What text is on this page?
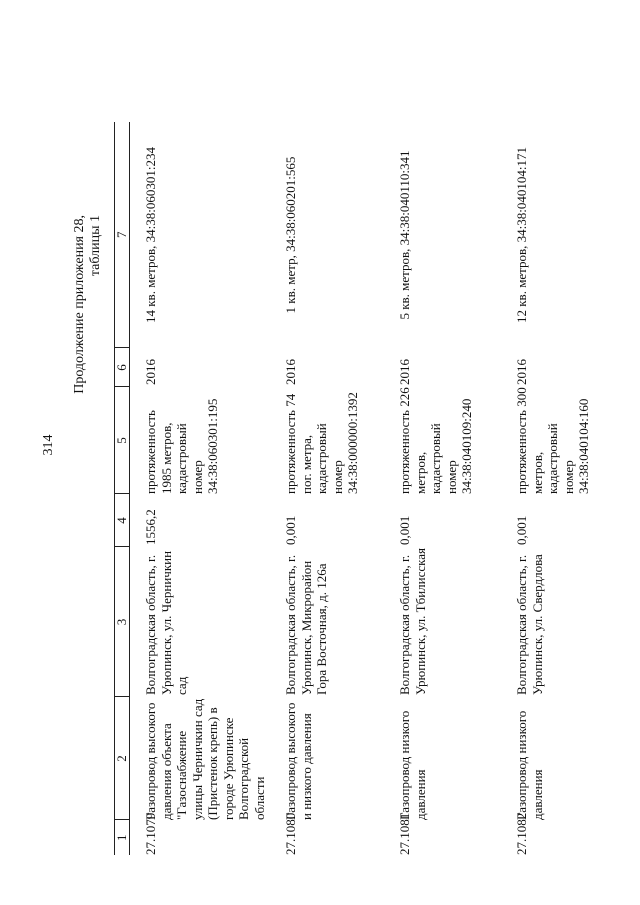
314
Продолжение приложения 28, таблицы 1
1	2	3	4	5	6	7
27.1079	Газопровод высокого давления объекта "Газоснабжение улицы Черничкин сад (Пристенок крепь) в городе Урюпинске Волгоградской области	Волгоградская область, г. Урюпинск, ул. Черничкин сад	1556,2	протяженность 1985 метров, кадастровый номер 34:38:060301:195	2016	14 кв. метров, 34:38:060301:234
27.1080	Газопровод высокого и низкого давления	Волгоградская область, г. Урюпинск, Микрорайон Гора Восточная, д. 126а	0,001	протяженность 74 пог. метра, кадастровый номер 34:38:000000:1392	2016	1 кв. метр, 34:38:060201:565
27.1081	Газопровод низкого давления	Волгоградская область, г. Урюпинск, ул. Тбилисская	0,001	протяженность 226 метров, кадастровый номер 34:38:040109:240	2016	5 кв. метров, 34:38:040110:341
27.1082	Газопровод низкого давления	Волгоградская область, г. Урюпинск, ул. Свердлова	0,001	протяженность 300 метров, кадастровый номер 34:38:040104:160	2016	12 кв. метров, 34:38:040104:171
